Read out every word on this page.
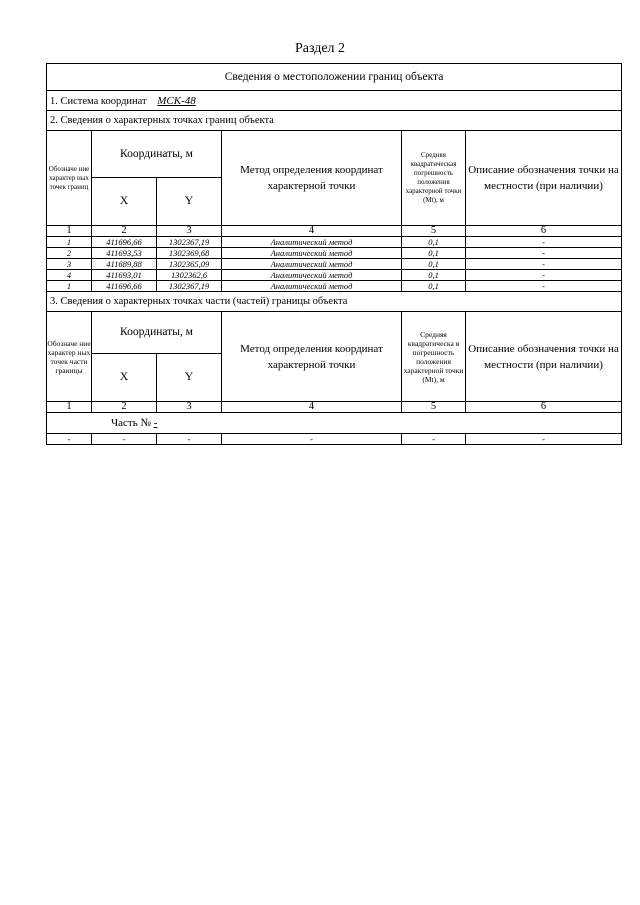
Раздел 2
Сведения о местоположении границ объекта					
1. Система координат МСК-48					
2. Сведения о характерных точках границ объекта					
Обозначе ние характер ных точек границ	Координаты, м		Метод определения координат характерной точки	Средняя квадратическая погрешность положения характерной точки (Mt), м	Описание обозначения точки на местности (при наличии)
	X	Y			
1	2	3	4	5	6
1	411696,66	1302367,19	Аналитический метод	0,1	-
2	411693,53	1302369,68	Аналитический метод	0,1	-
3	411689,88	1302365,09	Аналитический метод	0,1	-
4	411693,01	1302362,6	Аналитический метод	0,1	-
1	411696,66	1302367,19	Аналитический метод	0,1	-
3. Сведения о характерных точках части (частей) границы объекта					
Обозначе ние характер ных точек части границы	Координаты, м		Метод определения координат характерной точки	Средняя квадратическа я погрешность положения характерной точки (Mt), м	Описание обозначения точки на местности (при наличии)
	X	Y			
1	2	3	4	5	6
Часть № -					
-	-	-	-	-	-
